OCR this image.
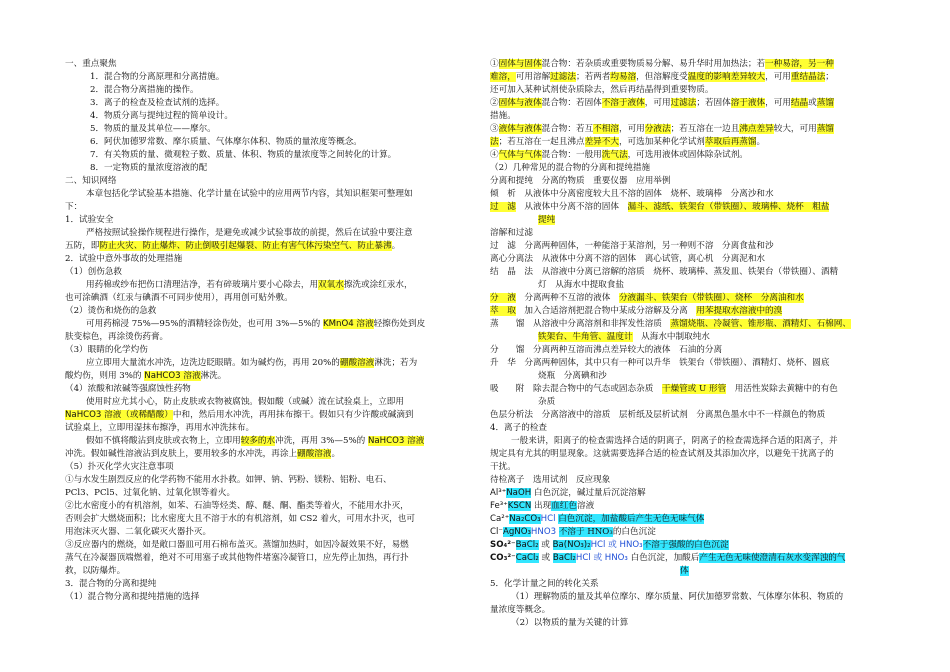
一、重点聚焦
1．混合物的分离原理和分离措施。
2．混合物分离措施的操作。
3．离子的检查及检查试剂的选择。
4．物质分离与提纯过程的简单设计。
5．物质的量及其单位——摩尔。
6．阿伏加德罗常数、摩尔质量、气体摩尔体积、物质的量浓度等概念。
7．有关物质的量、微观粒子数、质量、体积、物质的量浓度等之间转化的计算。
8．一定物质的量浓度溶液的配
二、知识网络
本章包括化学试验基本措施、化学计量在试验中的应用两节内容，其知识框架可整理如
下：
1．试验安全
严格按照试验操作规程进行操作，是避免或减少试验事故的前提，然后在试验中要注意
五防，即防止火灾、防止爆炸、防止倒吸引起爆裂、防止有害气体污染空气、防止暴沸。
2．试验中意外事故的处理措施
（1）创伤急救
用药棉或纱布把伤口清理洁净，若有碎玻璃片要小心除去，用双氧水擦洗或涂红汞水，
也可涂碘酒（红汞与碘酒不可同步使用），再用创可贴外敷。
（2）烫伤和烧伤的急救
可用药棉浸 75%—95%的酒精轻涂伤处，也可用 3%—5%的 KMnO4 溶液轻擦伤处到皮
肤变棕色，再涂烫伤药膏。
（3）眼睛的化学灼伤
应立即用大量流水冲洗，边洗边眨眼睛。如为碱灼伤，再用 20%的硼酸溶液淋洗；若为
酸灼伤，则用 3%的 NaHCO3 溶液淋洗。
（4）浓酸和浓碱等强腐蚀性药物
使用时应尤其小心，防止皮肤或衣物被腐蚀。假如酸（或碱）流在试验桌上，立即用
NaHCO3 溶液（或稀醋酸）中和，然后用水冲洗，再用抹布擦干。假如只有少许酸或碱滴到
试验桌上，立即用湿抹布擦净，再用水冲洗抹布。
假如不慎将酸沾到皮肤或衣物上，立即用较多的水冲洗，再用 3%—5%的 NaHCO3 溶液
冲洗。假如碱性溶液沾到皮肤上，要用较多的水冲洗，再涂上硼酸溶液。
（5）扑灭化学火灾注意事项
①与水发生剧烈反应的化学药物不能用水扑救。如钾、钠、钙粉、镁粉、铝粉、电石、
PCl3、PCl5、过氧化钠、过氧化钡等着火。
②比水密度小的有机溶剂，如苯、石油等烃类、醇、醚、酮、酯类等着火，不能用水扑灭，
否则会扩大燃烧面积；比水密度大且不溶于水的有机溶剂，如 CS2 着火，可用水扑灭，也可
用泡沫灭火器、二氧化碳灭火器扑灭。
③反应器内的燃烧，如是敞口器皿可用石棉布盖灭。蒸馏加热时，如因冷凝效果不好，易燃
蒸气在冷凝器顶端燃着，绝对不可用塞子或其他物件堵塞冷凝管口，应先停止加热，再行扑
救，以防爆炸。
3．混合物的分离和提纯
（1）混合物分离和提纯措施的选择
①固体与固体混合物：若杂质或重要物质易分解、易升华时用加热法；若一种易溶，另一种
难溶，可用溶解过滤法；若两者均易溶，但溶解度受温度的影响差异较大，可用重结晶法；
还可加入某种试剂使杂质除去，然后再结晶得到重要物质。
②固体与液体混合物：若固体不溶于液体，可用过滤法；若固体溶于液体，可用结晶或蒸馏
措施。
③液体与液体混合物：若互不相溶，可用分液法；若互溶在一边且沸点差异较大，可用蒸馏
法；若互溶在一起且沸点差异不大，可选加某种化学试剂萃取后再蒸馏。
④气体与气体混合物：一般用洗气法，可选用液体或固体除杂试剂。
（2）几种常见的混合物的分离和提纯措施
分离和提纯　分离的物质　重要仪器　应用举例
倾　析　从液体中分离密度较大且不溶的固体　烧杯、玻璃棒　分离沙和水
过　滤　从液体中分离不溶的固体　漏斗、滤纸、铁架台（带铁圈）、玻璃棒、烧杯　粗盐
提纯
溶解和过滤
过　滤　分离两种固体，一种能溶于某溶剂，另一种则不溶　分离食盐和沙
离心分离法　从液体中分离不溶的固体　离心试管，离心机　分离泥和水
结　晶　法　从溶液中分离已溶解的溶质　烧杯、玻璃棒、蒸发皿、铁架台（带铁圈）、酒精
灯　从海水中提取食盐
分　液　分离两种不互溶的液体　分液漏斗、铁架台（带铁圈）、烧杯　分离油和水
萃　取　加入合适溶剂把混合物中某成分溶解及分离　用苯提取水溶液中的溴
蒸　　馏　从溶液中分离溶剂和非挥发性溶质　蒸馏烧瓶、冷凝管、锥形瓶、酒精灯、石棉网、
铁架台、牛角管、温度计　从海水中制取纯水
分　　馏　分离两种互溶而沸点差异较大的液体　石油的分离
升　华　分离两种固体，其中只有一种可以升华　铁架台（带铁圈）、酒精灯、烧杯、圆底
烧瓶　分离碘和沙
吸　　附　除去混合物中的气态或固态杂质　干燥管或 U 形管　用活性炭除去黄糖中的有色
杂质
色层分析法　分离溶液中的溶质　层析纸及层析试剂　分离黑色墨水中不一样颜色的物质
4．离子的检查
一般来讲，阳离子的检查需选择合适的阴离子，阴离子的检查需选择合适的阳离子，并
规定具有尤其的明显现象。这就需要选择合适的检查试剂及其添加次序，以避免干扰离子的
干扰。
待检离子　选用试剂　反应现象
Al³⁺NaOH 白色沉淀，碱过量后沉淀溶解
Fe³⁺KSCN 出现血红色溶液
Ca²⁺Na₂CO₃HCl 白色沉淀，加盐酸后产生无色无味气体
Cl⁻AgNO₃HNO3 不溶于 HNO₃的白色沉淀
SO₄²⁻BaCl₂ 或 Ba(NO₃)₂HCl 或 HNO₃不溶于强酸的白色沉淀
CO₃²⁻CaCl₂ 或 BaCl₂HCl 或 HNO₃ 白色沉淀，加酸后产生无色无味使澄清石灰水变浑浊的气
体
5．化学计量之间的转化关系
（1）理解物质的量及其单位摩尔、摩尔质量、阿伏加德罗常数、气体摩尔体积、物质的
量浓度等概念。
（2）以物质的量为关键的计算
